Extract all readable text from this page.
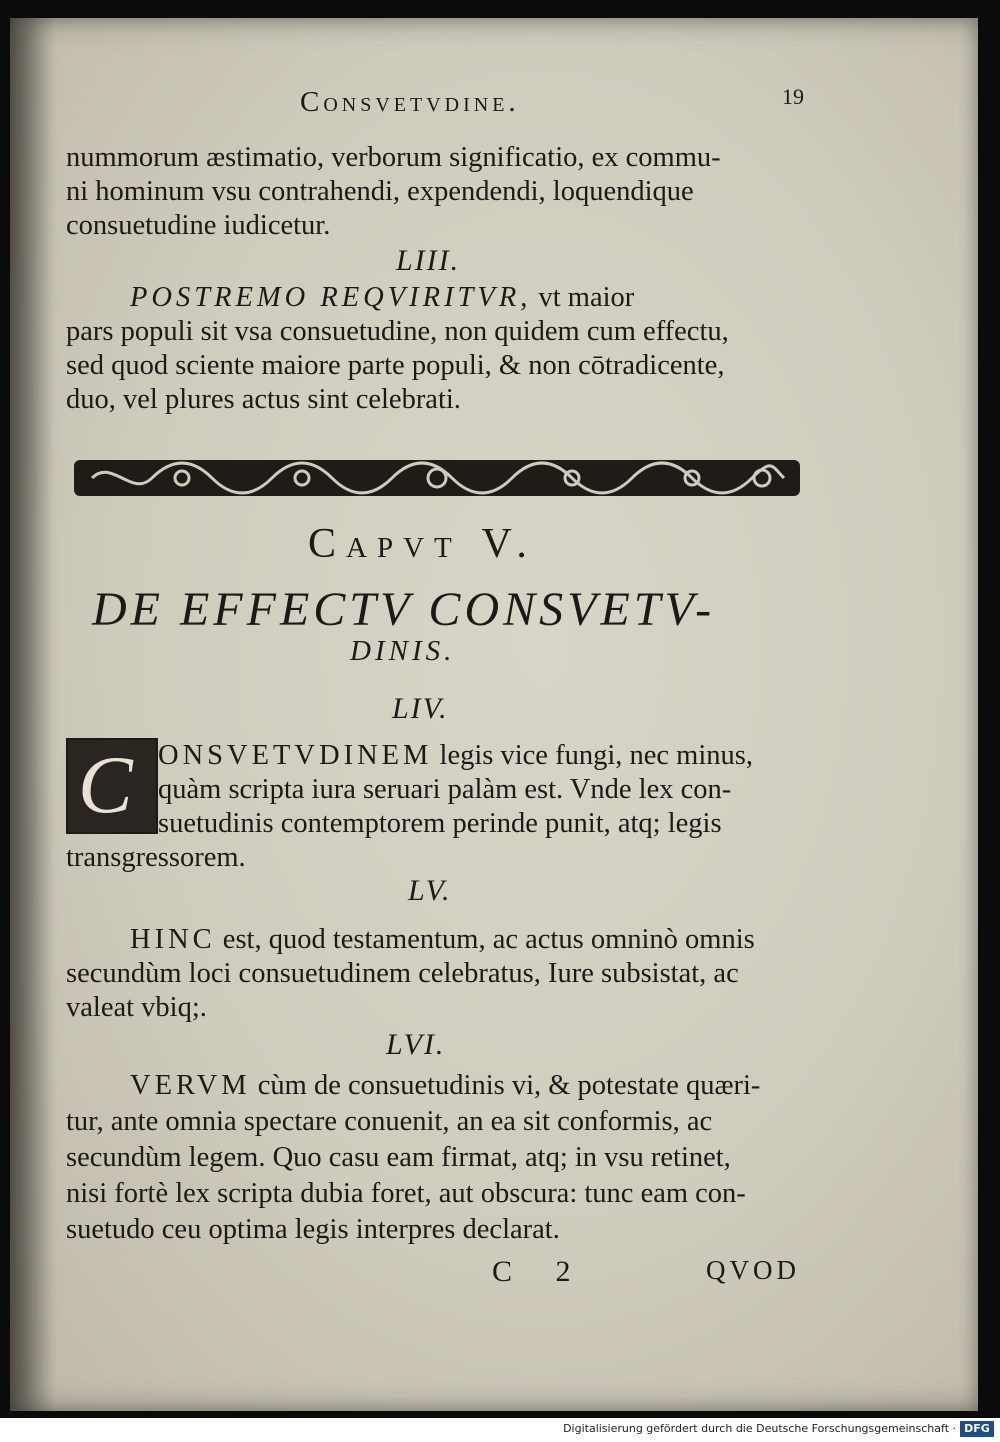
Consvetvdine.	19
nummorum æstimatio, verborum significatio, ex commu-
ni hominum vsu contrahendi, expendendi, loquendique
consuetudine iudicetur.
LIII.
POSTREMO REQVIRITVR, vt maior
pars populi sit vsa consuetudine, non quidem cum effectu,
sed quod sciente maiore parte populi, & non cōtradicente,
duo, vel plures actus sint celebrati.
Capvt V.
DE EFFECTV CONSVETV-
DINIS.
LIV.
C ONSVETVDINEM legis vice fungi, nec minus,
quàm scripta iura seruari palàm est. Vnde lex con-
suetudinis contemptorem perinde punit, atq; legis
transgressorem.
LV.
HINC est, quod testamentum, ac actus omninò omnis
secundùm loci consuetudinem celebratus, Iure subsistat, ac
valeat vbiq;.
LVI.
VERVM cùm de consuetudinis vi, & potestate quæri-
tur, ante omnia spectare conuenit, an ea sit conformis, ac
secundùm legem. Quo casu eam firmat, atq; in vsu retinet,
nisi fortè lex scripta dubia foret, aut obscura: tunc eam con-
suetudo ceu optima legis interpres declarat.
C 2	QVOD
Digitalisierung gefördert durch die Deutsche Forschungsgemeinschaft · DFG
